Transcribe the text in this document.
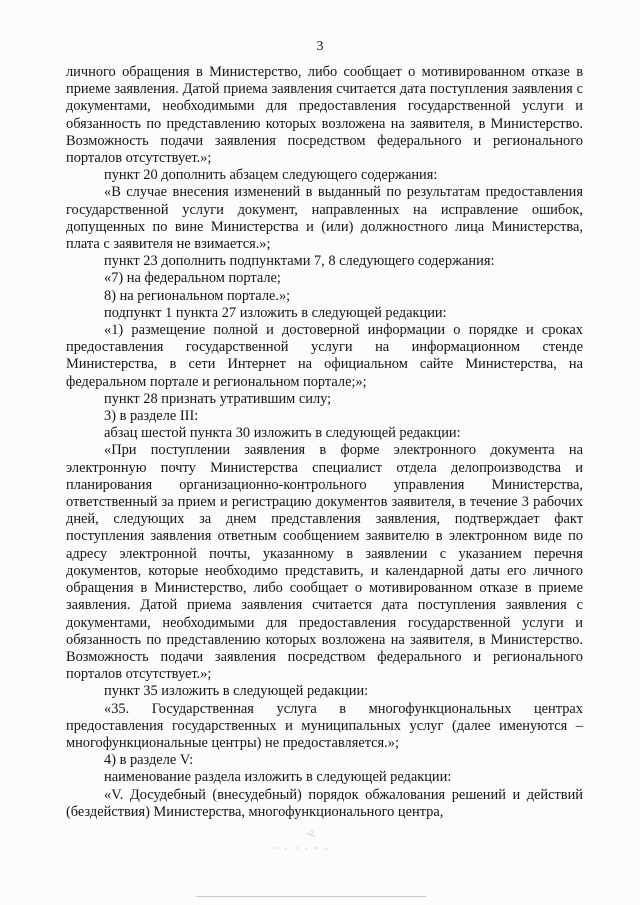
3

личного обращения в Министерство, либо сообщает о мотивированном отказе в приеме заявления. Датой приема заявления считается дата поступления заявления с документами, необходимыми для предоставления государственной услуги и обязанность по представлению которых возложена на заявителя, в Министерство. Возможность подачи заявления посредством федерального и регионального порталов отсутствует.»;

пункт 20 дополнить абзацем следующего содержания:

«В случае внесения изменений в выданный по результатам предоставления государственной услуги документ, направленных на исправление ошибок, допущенных по вине Министерства и (или) должностного лица Министерства, плата с заявителя не взимается.»;

пункт 23 дополнить подпунктами 7, 8 следующего содержания:

«7) на федеральном портале;

8) на региональном портале.»;

подпункт 1 пункта 27 изложить в следующей редакции:

«1) размещение полной и достоверной информации о порядке и сроках предоставления государственной услуги на информационном стенде Министерства, в сети Интернет на официальном сайте Министерства, на федеральном портале и региональном портале;»;

пункт 28 признать утратившим силу;

3) в разделе III:

абзац шестой пункта 30 изложить в следующей редакции:

«При поступлении заявления в форме электронного документа на электронную почту Министерства специалист отдела делопроизводства и планирования организационно-контрольного управления Министерства, ответственный за прием и регистрацию документов заявителя, в течение 3 рабочих дней, следующих за днем представления заявления, подтверждает факт поступления заявления ответным сообщением заявителю в электронном виде по адресу электронной почты, указанному в заявлении с указанием перечня документов, которые необходимо представить, и календарной даты его личного обращения в Министерство, либо сообщает о мотивированном отказе в приеме заявления. Датой приема заявления считается дата поступления заявления с документами, необходимыми для предоставления государственной услуги и обязанность по представлению которых возложена на заявителя, в Министерство. Возможность подачи заявления посредством федерального и регионального порталов отсутствует.»;

пункт 35 изложить в следующей редакции:

«35. Государственная услуга в многофункциональных центрах предоставления государственных и муниципальных услуг (далее именуются – многофункциональные центры) не предоставляется.»;

4) в разделе V:

наименование раздела изложить в следующей редакции:

«V. Досудебный (внесудебный) порядок обжалования решений и действий (бездействия) Министерства, многофункционального центра,
